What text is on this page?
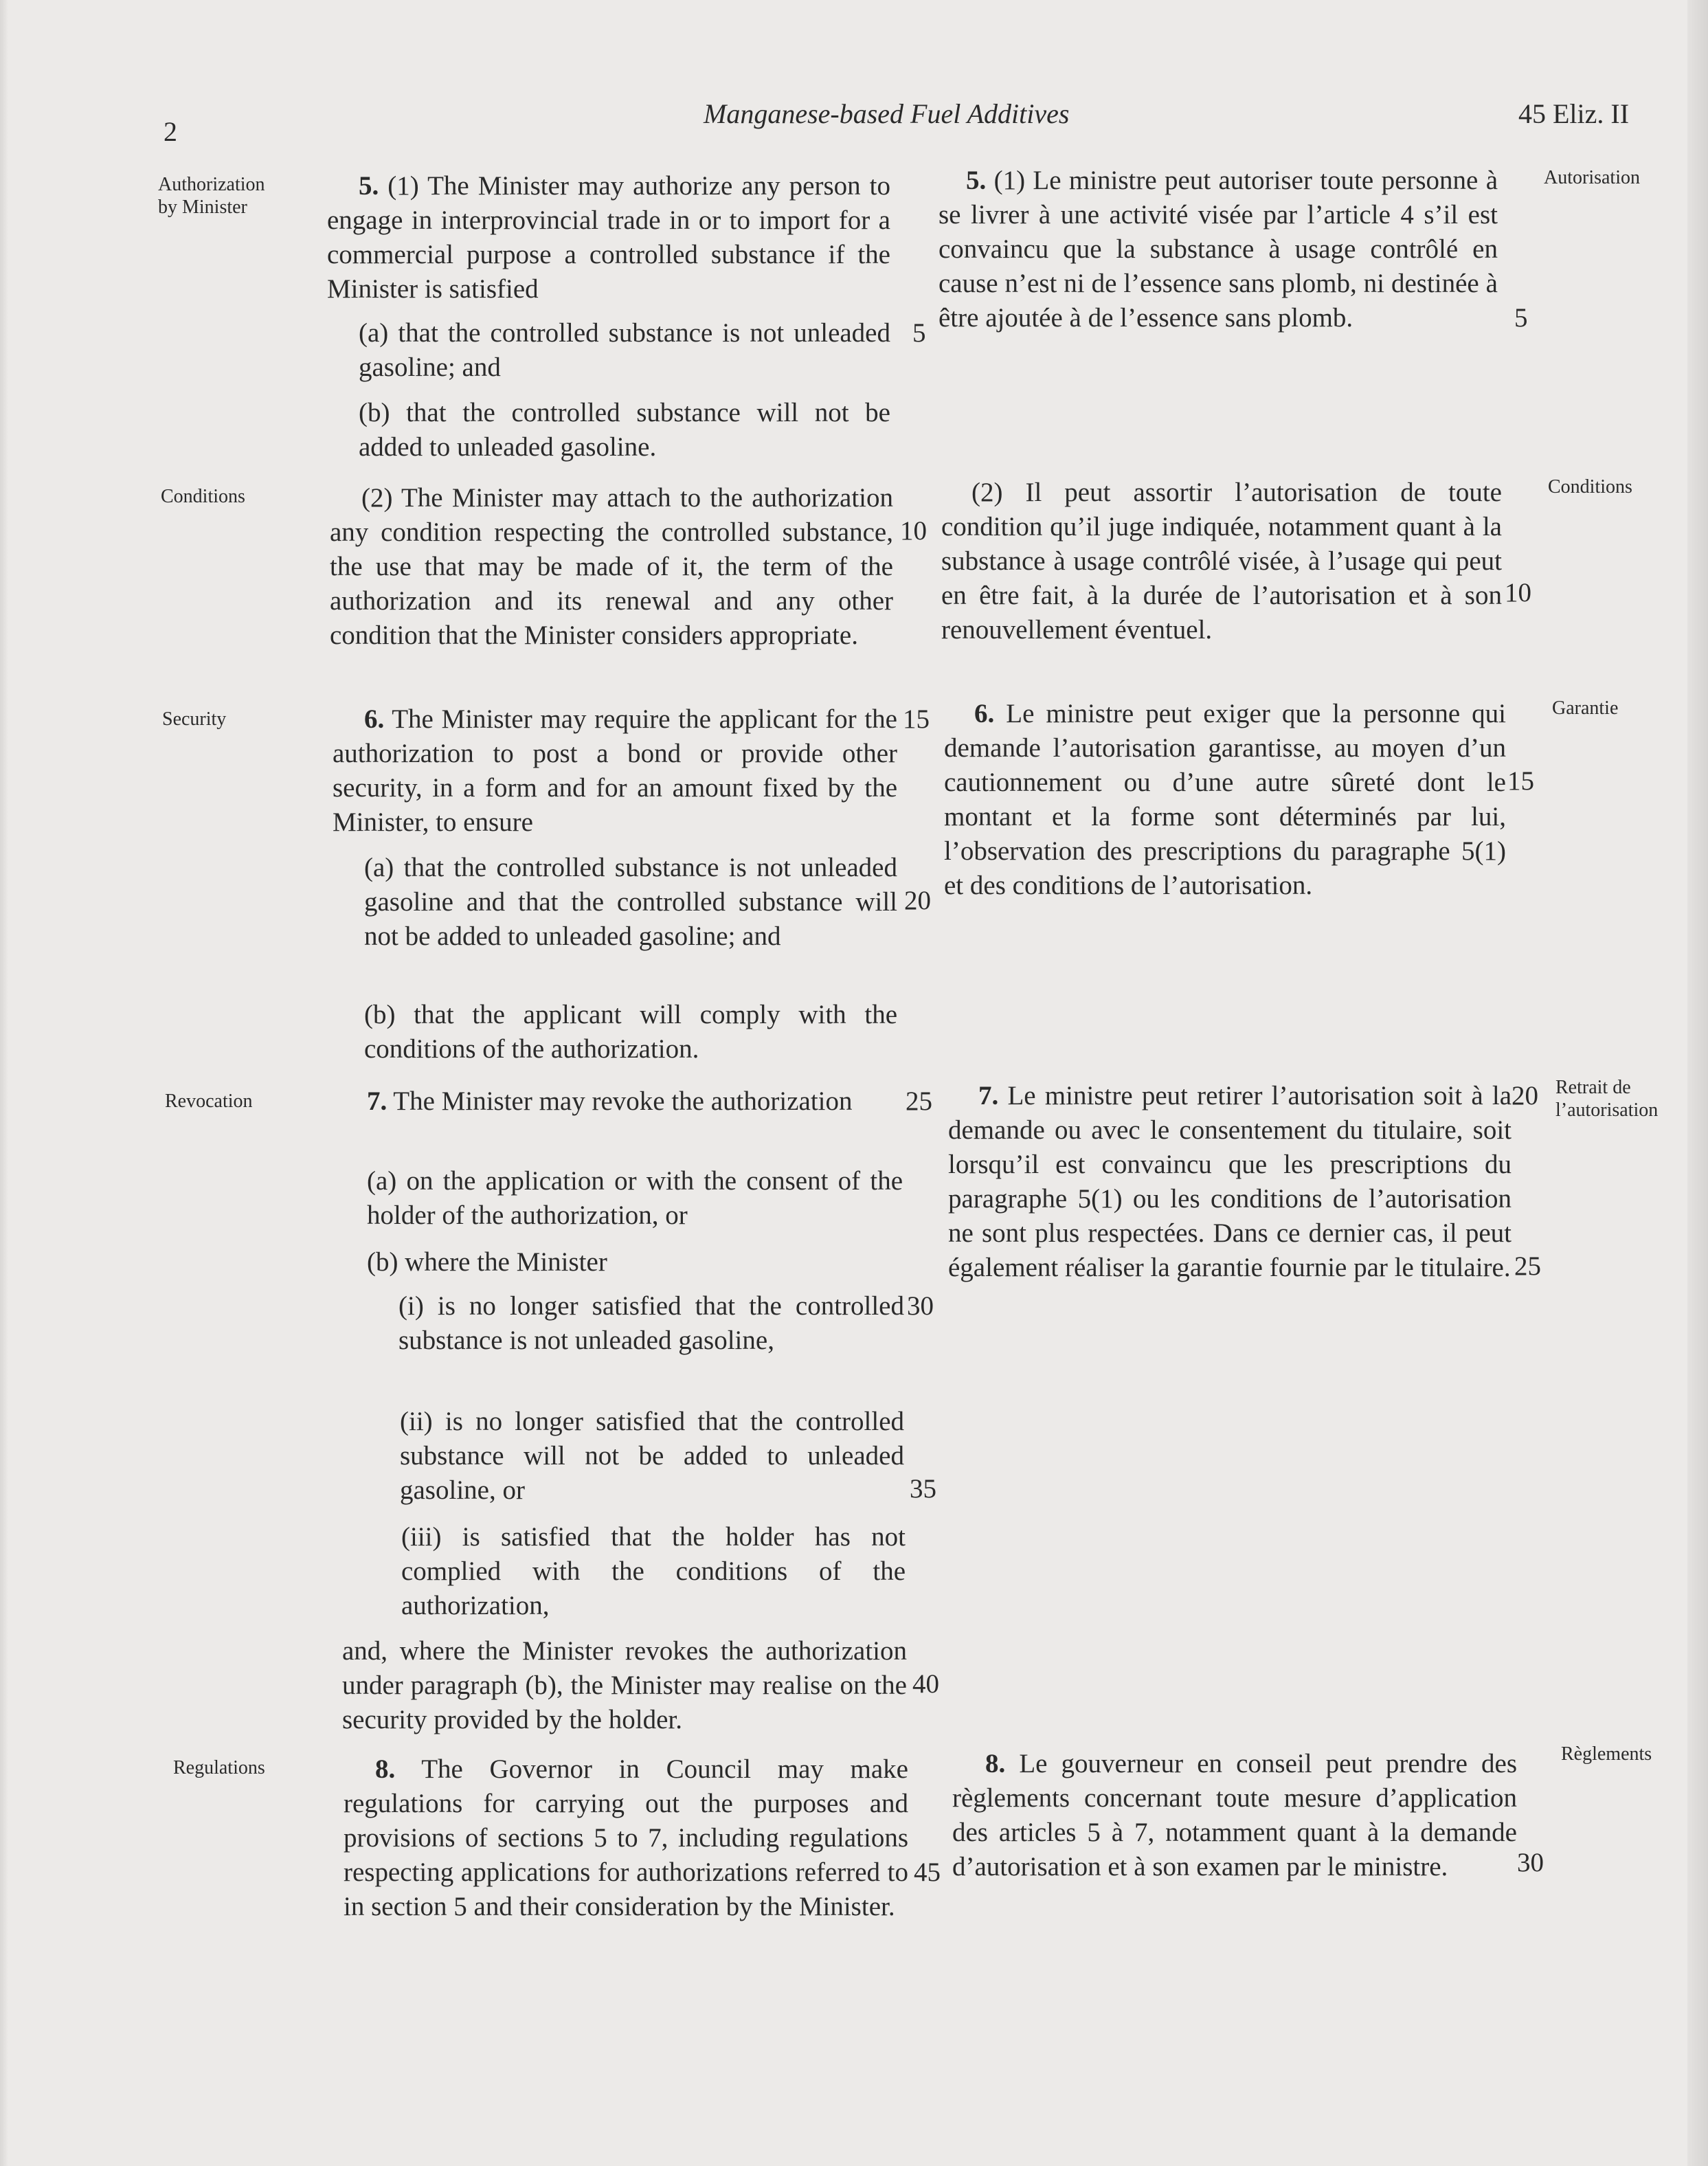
2
Manganese-based Fuel Additives	45 Eliz. II
Authorization
by Minister
Conditions
Security
Revocation
Regulations
Autorisation
Conditions
Garantie
Retrait de
l’autorisation
Règlements
5. (1) The Minister may authorize any person to engage in interprovincial trade in or to import for a commercial purpose a controlled substance if the Minister is satisfied
(a) that the controlled substance is not unleaded gasoline; and
(b) that the controlled substance will not be added to unleaded gasoline.
(2) The Minister may attach to the authorization any condition respecting the controlled substance, the use that may be made of it, the term of the authorization and its renewal and any other condition that the Minister considers appropriate.
6. The Minister may require the applicant for the authorization to post a bond or provide other security, in a form and for an amount fixed by the Minister, to ensure
(a) that the controlled substance is not unleaded gasoline and that the controlled substance will not be added to unleaded gasoline; and
(b) that the applicant will comply with the conditions of the authorization.
7. The Minister may revoke the authorization
(a) on the application or with the consent of the holder of the authorization, or
(b) where the Minister
(i) is no longer satisfied that the controlled substance is not unleaded gasoline,
(ii) is no longer satisfied that the controlled substance will not be added to unleaded gasoline, or
(iii) is satisfied that the holder has not complied with the conditions of the authorization,
and, where the Minister revokes the authorization under paragraph (b), the Minister may realise on the security provided by the holder.
8. The Governor in Council may make regulations for carrying out the purposes and provisions of sections 5 to 7, including regulations respecting applications for authorizations referred to in section 5 and their consideration by the Minister.
5
10
15
20
25
30
35
40
45
5. (1) Le ministre peut autoriser toute personne à se livrer à une activité visée par l’article 4 s’il est convaincu que la substance à usage contrôlé en cause n’est ni de l’essence sans plomb, ni destinée à être ajoutée à de l’essence sans plomb.
(2) Il peut assortir l’autorisation de toute condition qu’il juge indiquée, notamment quant à la substance à usage contrôlé visée, à l’usage qui peut en être fait, à la durée de l’autorisation et à son renouvellement éventuel.
6. Le ministre peut exiger que la personne qui demande l’autorisation garantisse, au moyen d’un cautionnement ou d’une autre sûreté dont le montant et la forme sont déterminés par lui, l’observation des prescriptions du paragraphe 5(1) et des conditions de l’autorisation.
7. Le ministre peut retirer l’autorisation soit à la demande ou avec le consentement du titulaire, soit lorsqu’il est convaincu que les prescriptions du paragraphe 5(1) ou les conditions de l’autorisation ne sont plus respectées. Dans ce dernier cas, il peut également réaliser la garantie fournie par le titulaire.
8. Le gouverneur en conseil peut prendre des règlements concernant toute mesure d’application des articles 5 à 7, notamment quant à la demande d’autorisation et à son examen par le ministre.
5
10
15
20
25
30
